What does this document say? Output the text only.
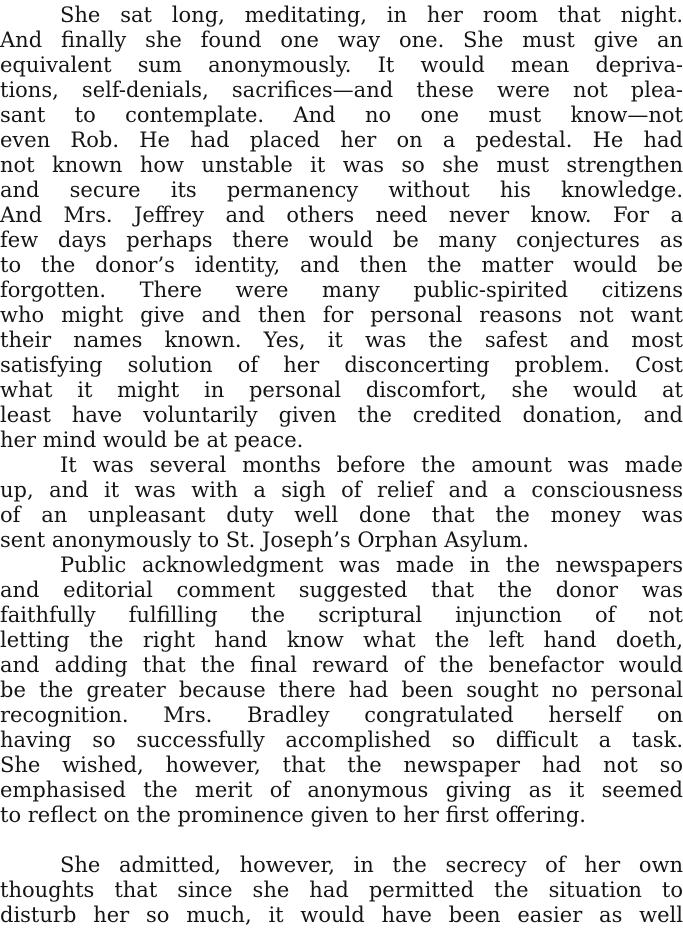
She sat long, meditating, in her room that night.
And finally she found one way one. She must give an
equivalent sum anonymously. It would mean depriva-
tions, self-denials, sacrifices—and these were not plea-
sant to contemplate. And no one must know—not
even Rob. He had placed her on a pedestal. He had
not known how unstable it was so she must strengthen
and secure its permanency without his knowledge.
And Mrs. Jeffrey and others need never know. For a
few days perhaps there would be many conjectures as
to the donor’s identity, and then the matter would be
forgotten. There were many public-spirited citizens
who might give and then for personal reasons not want
their names known. Yes, it was the safest and most
satisfying solution of her disconcerting problem. Cost
what it might in personal discomfort, she would at
least have voluntarily given the credited donation, and
her mind would be at peace.
It was several months before the amount was made
up, and it was with a sigh of relief and a consciousness
of an unpleasant duty well done that the money was
sent anonymously to St. Joseph’s Orphan Asylum.
Public acknowledgment was made in the newspapers
and editorial comment suggested that the donor was
faithfully fulfilling the scriptural injunction of not
letting the right hand know what the left hand doeth,
and adding that the final reward of the benefactor would
be the greater because there had been sought no personal
recognition. Mrs. Bradley congratulated herself on
having so successfully accomplished so difficult a task.
She wished, however, that the newspaper had not so
emphasised the merit of anonymous giving as it seemed
to reflect on the prominence given to her first offering.
She admitted, however, in the secrecy of her own
thoughts that since she had permitted the situation to
disturb her so much, it would have been easier as well
